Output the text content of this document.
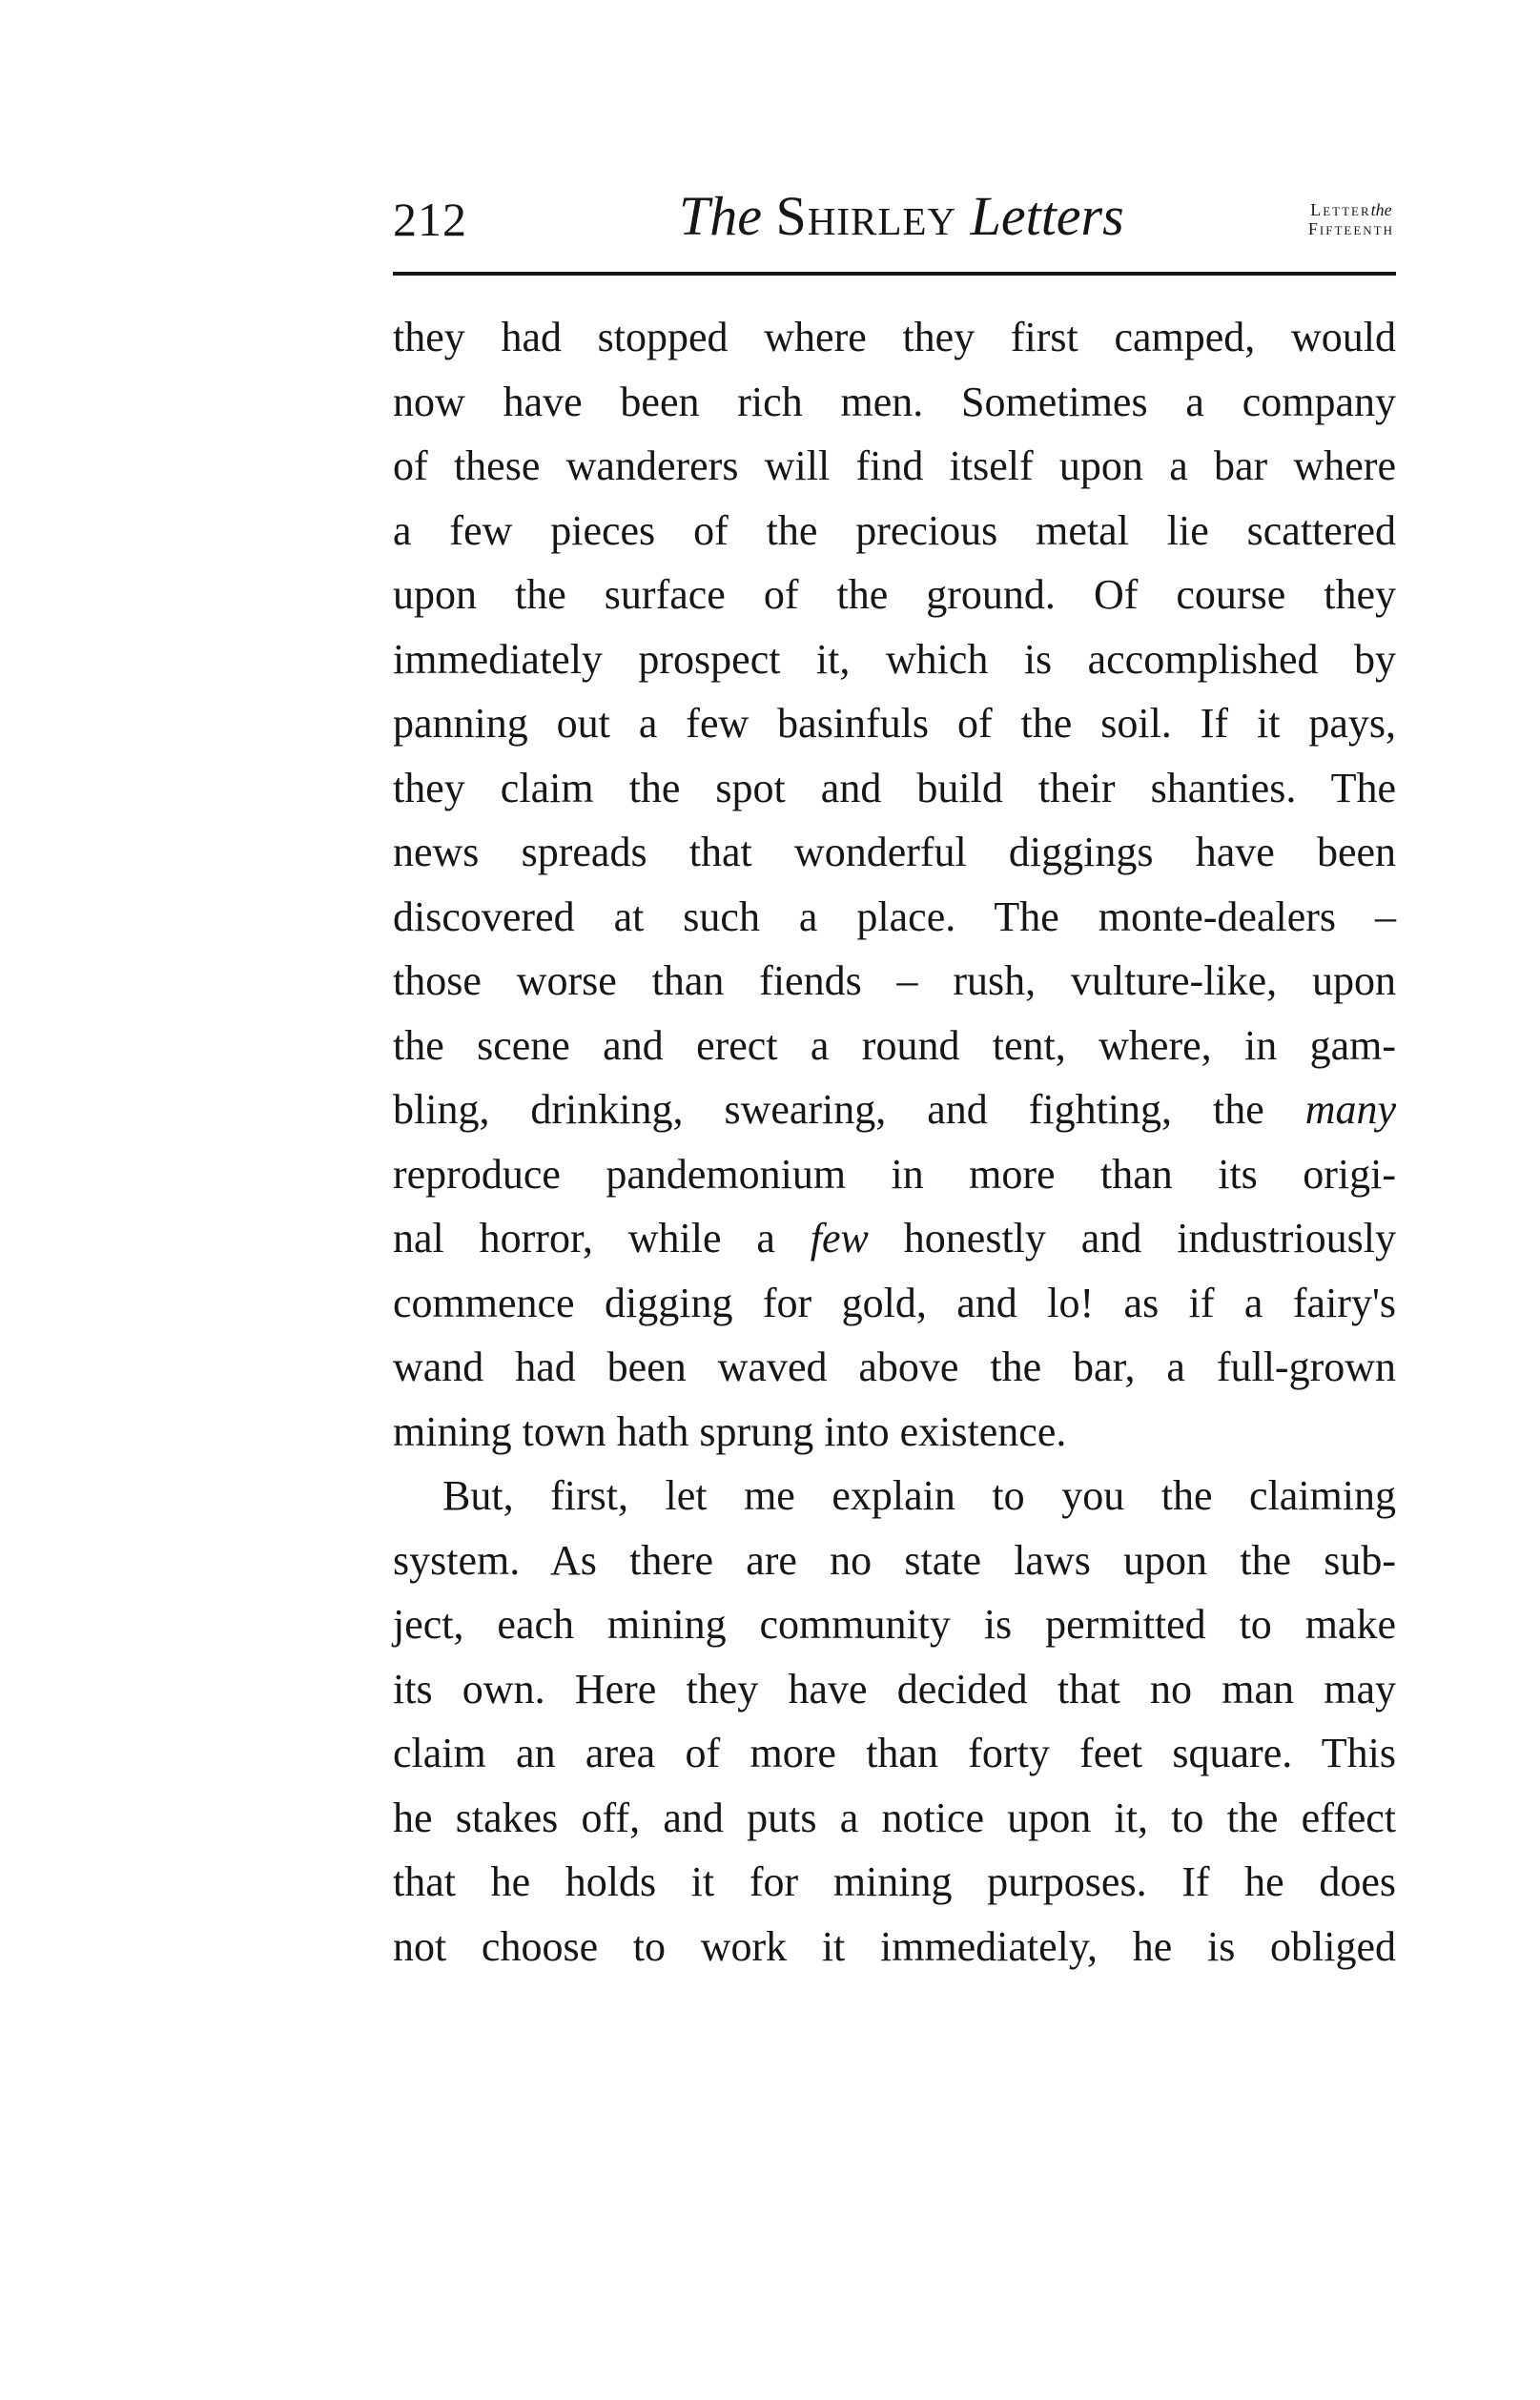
212	The Shirley Letters	Letterthe
Fifteenth
they had stopped where they first camped, would
now have been rich men. Sometimes a company
of these wanderers will find itself upon a bar where
a few pieces of the precious metal lie scattered
upon the surface of the ground. Of course they
immediately prospect it, which is accomplished by
panning out a few basinfuls of the soil. If it pays,
they claim the spot and build their shanties. The
news spreads that wonderful diggings have been
discovered at such a place. The monte-dealers –
those worse than fiends – rush, vulture-like, upon
the scene and erect a round tent, where, in gam-
bling, drinking, swearing, and fighting, the many
reproduce pandemonium in more than its origi-
nal horror, while a few honestly and industriously
commence digging for gold, and lo! as if a fairy's
wand had been waved above the bar, a full-grown
mining town hath sprung into existence.
But, first, let me explain to you the claiming
system. As there are no state laws upon the sub-
ject, each mining community is permitted to make
its own. Here they have decided that no man may
claim an area of more than forty feet square. This
he stakes off, and puts a notice upon it, to the effect
that he holds it for mining purposes. If he does
not choose to work it immediately, he is obliged
